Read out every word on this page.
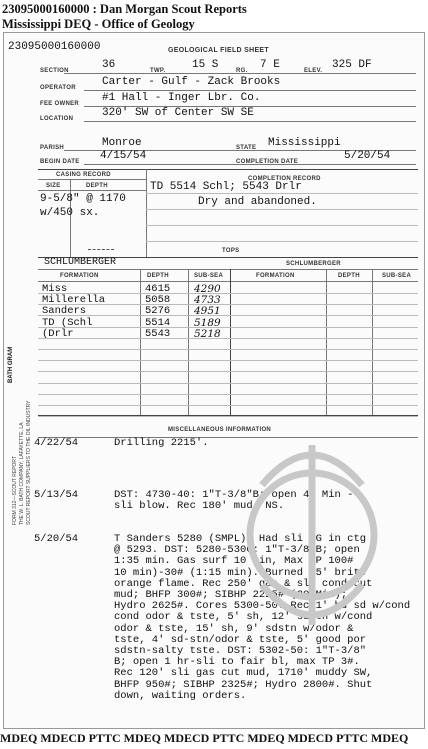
23095000160000 : Dan Morgan Scout Reports
Mississippi DEQ - Office of Geology
23095000160000	GEOLOGICAL FIELD SHEET
SECTION	36	TWP. 15 S	RG. 7 E	ELEV. 325 DF
OPERATOR Carter - Gulf - Zack Brooks
FEE OWNER #1 Hall - Inger Lbr. Co.
LOCATION	320' SW of Center SW SE
PARISH	Monroe	STATE Mississippi
BEGIN DATE 4/15/54	COMPLETION DATE	5/20/54
CASING RECORD
COMPLETION RECORD
SIZE	DEPTH
9-5/8" @ 1170
w/450 sx.
TD 5514 Schl; 5543 Drlr
Dry and abandoned.
TOPS
SCHLUMBERGER	SCHLUMBERGER
FORMATION	DEPTH	SUB-SEA	FORMATION	DEPTH	SUB-SEA
Miss	4615 4290
Millerella	5058 4733
Sanders	5276 4951
TD (Schl	5514 5189
(Drlr	5543 5218
MISCELLANEOUS INFORMATION
4/22/54	Drilling 2215'.
5/13/54	DST: 4730-40: 1"T-3/8"B; open 45 Min -
sli blow. Rec 180' mud, NS.
5/20/54	T Sanders 5280 (SMPL). Had sli SG in ctg
@ 5293. DST: 5280-5300: 1"T-3/8"B; open
1:35 min. Gas surf 10 min, Max TP 100#
10 min)-30# (1:15 min). Burned 15' brite
orange flame. Rec 250' gas & sli cond cut
mud; BHFP 300#; SIBHP 2225# (30 Min);
Hydro 2625#. Cores 5300-50: Rec 1' hd sd w/cond
cond odor & tste, 5' sh, 12' sdstn w/cond
odor & tste, 15' sh, 9' sdstn w/odor &
tste, 4' sd-stn/odor & tste, 5' good por
sdstn-salty tste. DST: 5302-50: 1"T-3/8"
B; open 1 hr-sli to fair bl, max TP 3#.
Rec 120' sli gas cut mud, 1710' muddy SW,
BHFP 950#; SIBHP 2325#; Hydro 2800#. Shut
down, waiting orders.
FORM 312—SCOUT REPORT THE W. L. BATH COMPANY, LAFAYETTE, LA. SCOUT REPORT SUPPLIERS TO THE OIL INDUSTRY
BATH GRAM
MDEQ MDECD PTTC MDEQ MDECD PTTC MDEQ MDECD PTTC MDEQ
